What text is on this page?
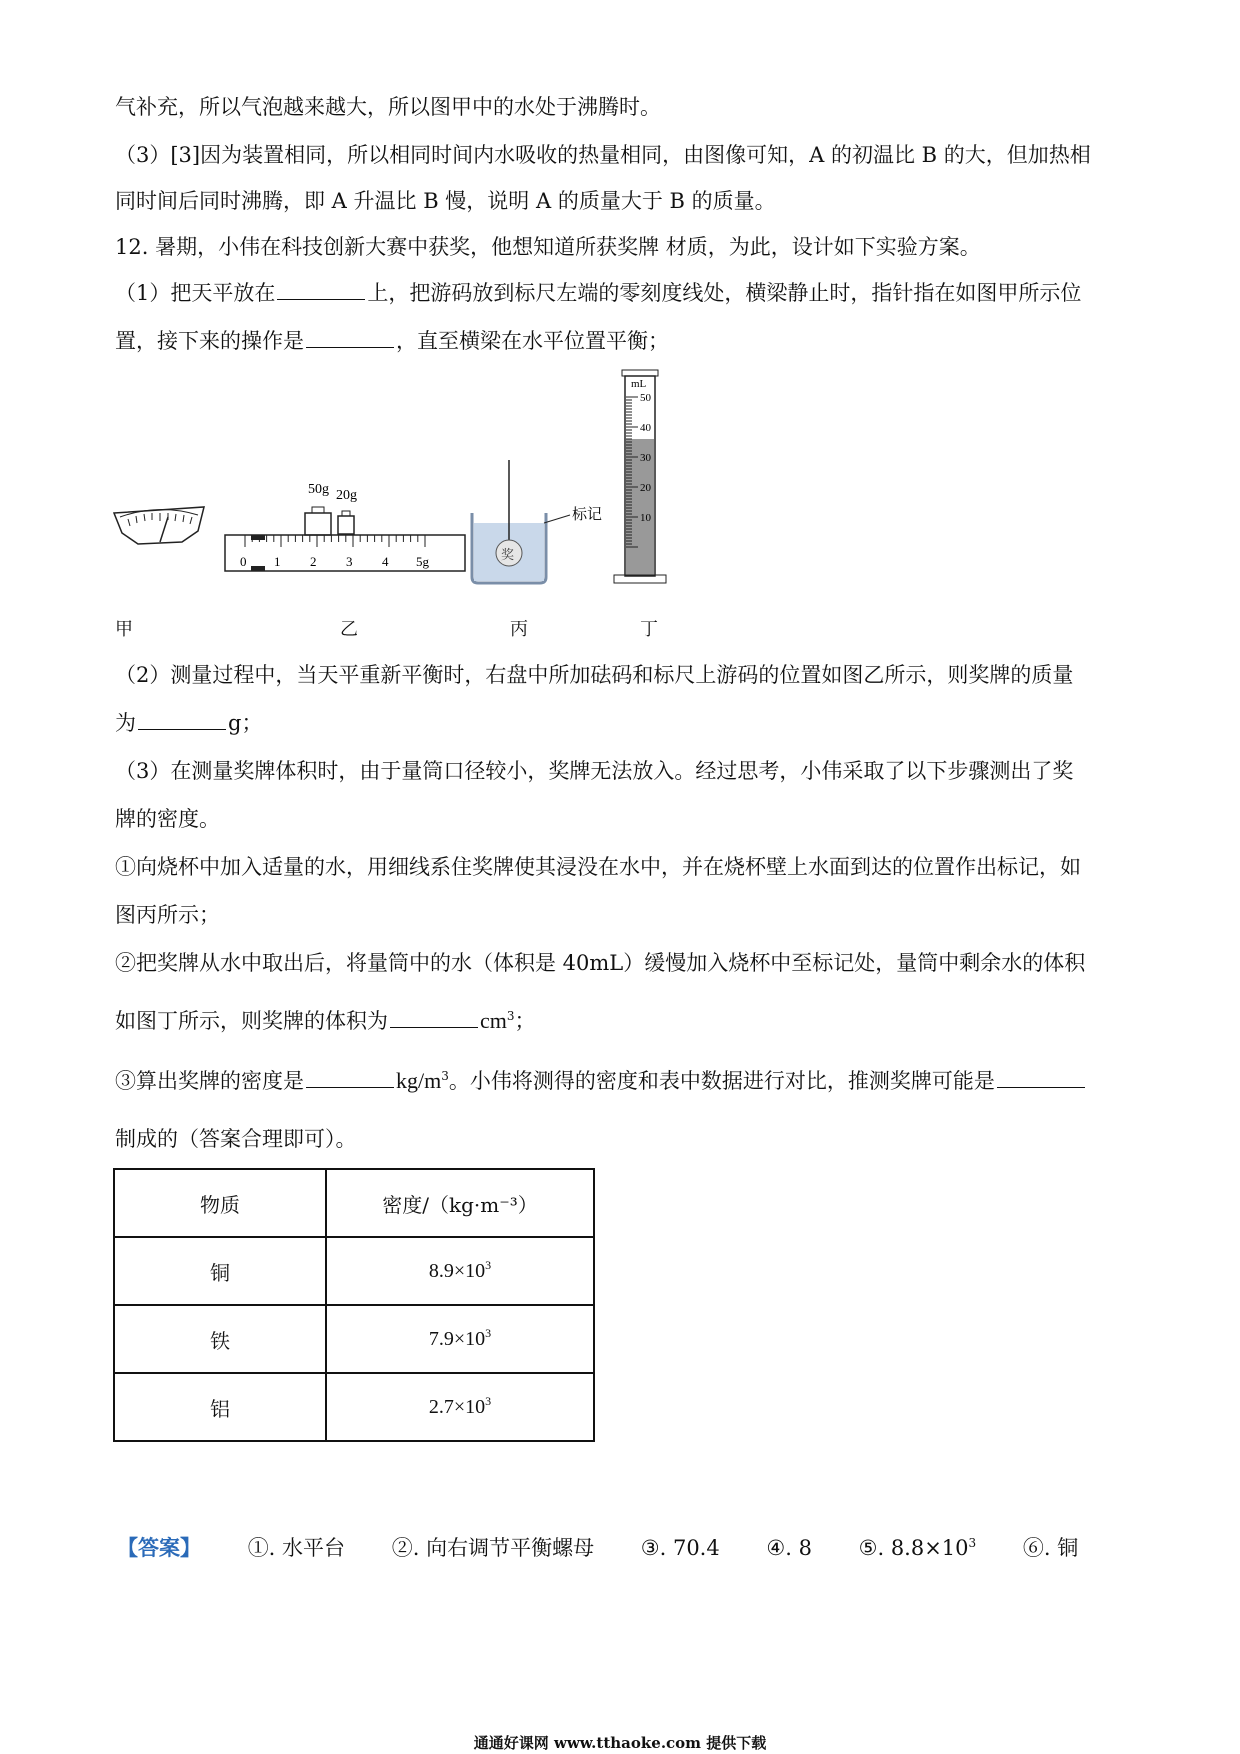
气补充，所以气泡越来越大，所以图甲中的水处于沸腾时。
（3）[3]因为装置相同，所以相同时间内水吸收的热量相同，由图像可知，A 的初温比 B 的大，但加热相
同时间后同时沸腾，即 A 升温比 B 慢，说明 A 的质量大于 B 的质量。
12. 暑期，小伟在科技创新大赛中获奖，他想知道所获奖牌 材质，为此，设计如下实验方案。
（1）把天平放在	上，把游码放到标尺左端的零刻度线处，横梁静止时，指针指在如图甲所示位
置，接下来的操作是	，直至横梁在水平位置平衡；
50g 20g
0 1 2 3 4 5g	奖
标记
mL
50
40
30
20
10
甲	乙	丙	丁
（2）测量过程中，当天平重新平衡时，右盘中所加砝码和标尺上游码的位置如图乙所示，则奖牌的质量
为	g；
（3）在测量奖牌体积时，由于量筒口径较小，奖牌无法放入。经过思考，小伟采取了以下步骤测出了奖
牌的密度。
①向烧杯中加入适量的水，用细线系住奖牌使其浸没在水中，并在烧杯壁上水面到达的位置作出标记，如
图丙所示；
②把奖牌从水中取出后，将量筒中的水（体积是 40mL）缓慢加入烧杯中至标记处，量筒中剩余水的体积
如图丁所示，则奖牌的体积为	$cm^3$；
③算出奖牌的密度是	$kg/m^3$。小伟将测得的密度和表中数据进行对比，推测奖牌可能是
制成的（答案合理即可）。
物质	密度/（kg·m⁻³）
铜	$8.9\times 10^3$
铁	$7.9\times 10^3$
铝	$2.7\times 10^3$
【答案】 ①. 水平台 ②. 向右调节平衡螺母 ③. 70.4 ④. 8 ⑤. $8.8\times 10^3$ ⑥. 铜
通通好课网 www.tthaoke.com 提供下载
